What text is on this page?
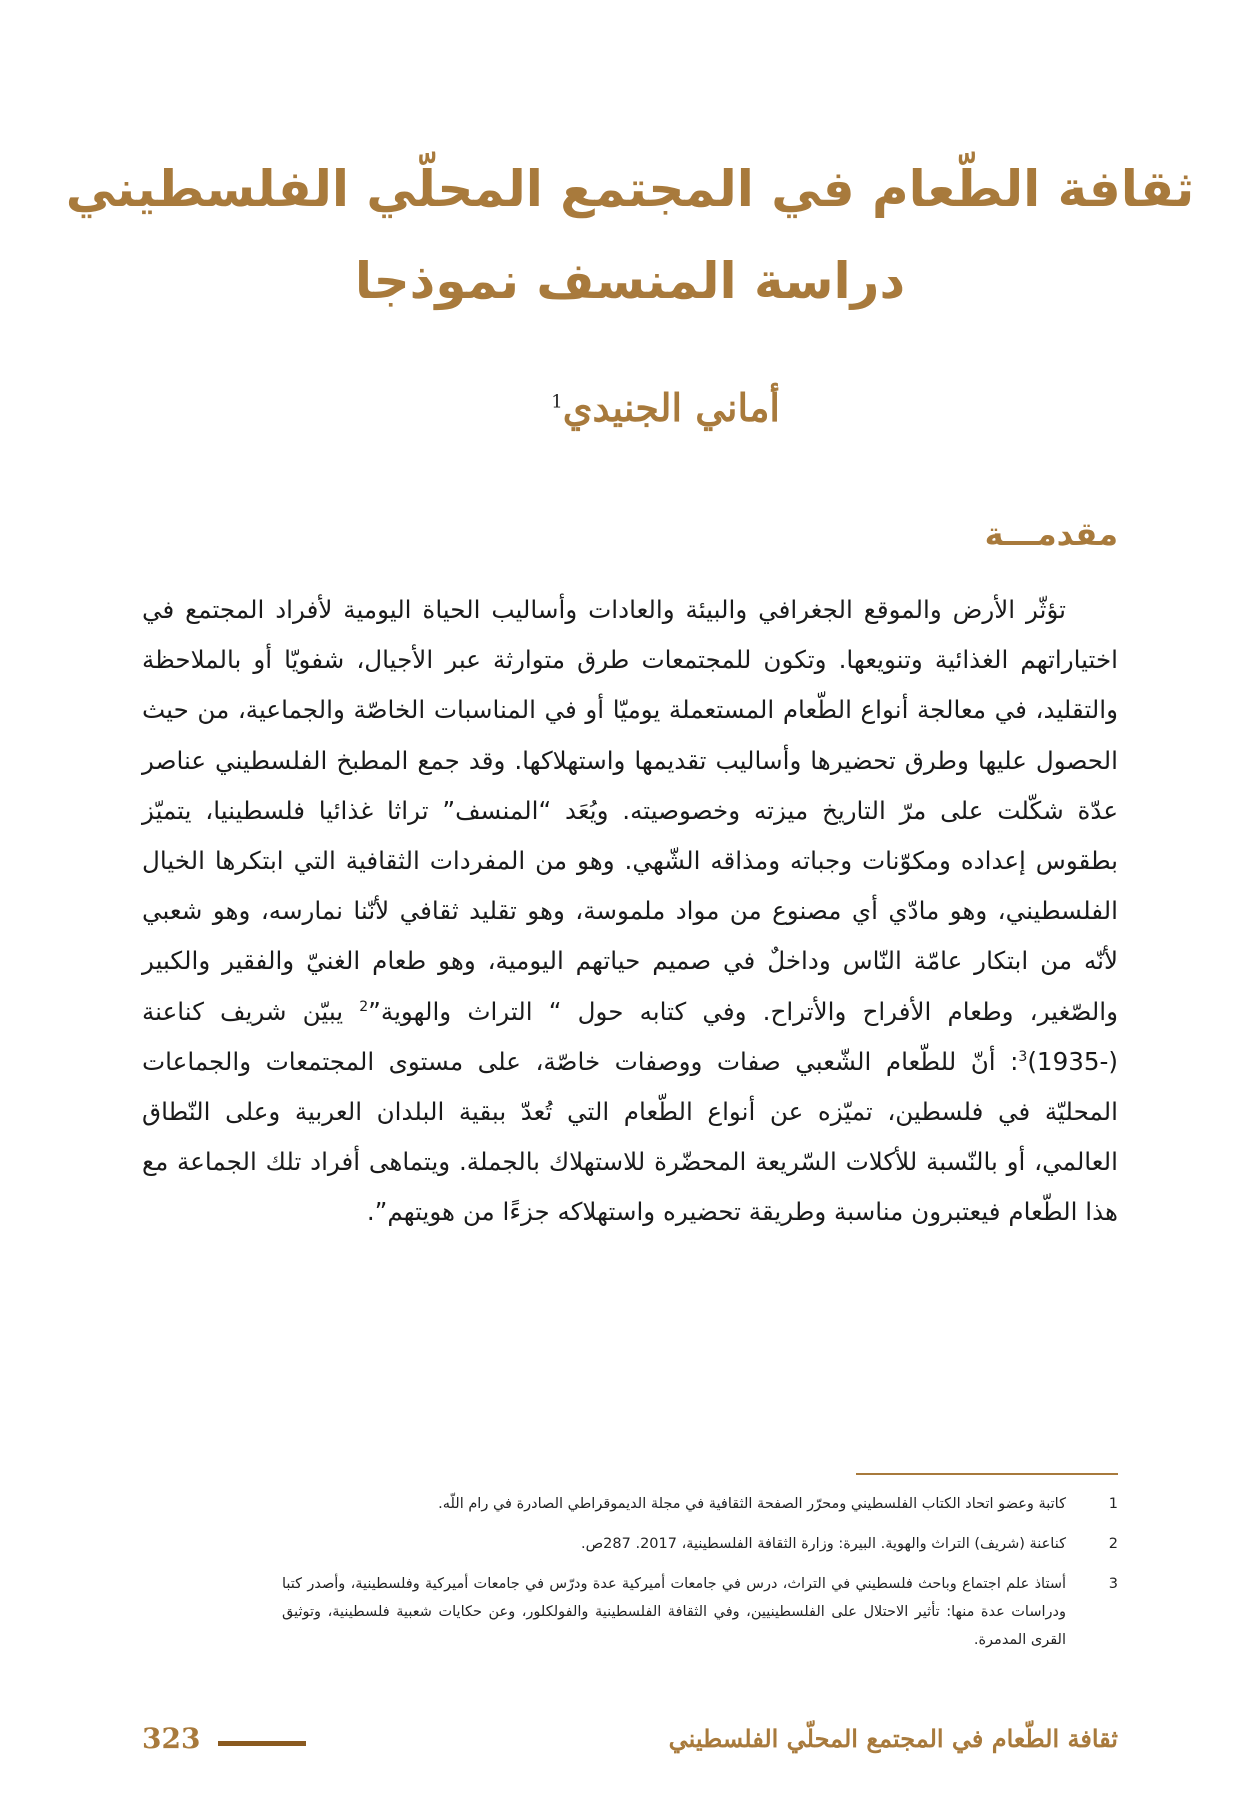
ثقافة الطّعام في المجتمع المحلّي الفلسطيني
دراسة المنسف نموذجا
أماني الجنيدي$^1$
مقدمـــة

تؤثّر الأرض والموقع الجغرافي والبيئة والعادات وأساليب الحياة اليومية لأفراد المجتمع في اختياراتهم الغذائية وتنويعها. وتكون للمجتمعات طرق متوارثة عبر الأجيال، شفويّا أو بالملاحظة والتقليد، في معالجة أنواع الطّعام المستعملة يوميّا أو في المناسبات الخاصّة والجماعية، من حيث الحصول عليها وطرق تحضيرها وأساليب تقديمها واستهلاكها. وقد جمع المطبخ الفلسطيني عناصر عدّة شكّلت على مرّ التاريخ ميزته وخصوصيته. ويُعَد “المنسف” تراثا غذائيا فلسطينيا، يتميّز بطقوس إعداده ومكوّنات وجباته ومذاقه الشّهي. وهو من المفردات الثقافية التي ابتكرها الخيال الفلسطيني، وهو مادّي أي مصنوع من مواد ملموسة، وهو تقليد ثقافي لأنّنا نمارسه، وهو شعبي لأنّه من ابتكار عامّة النّاس وداخلٌ في صميم حياتهم اليومية، وهو طعام الغنيّ والفقير والكبير والصّغير، وطعام الأفراح والأتراح. وفي كتابه حول “ التراث والهوية”$^2$ يبيّن شريف كناعنة $(-1935)^3$: أنّ للطّعام الشّعبي صفات ووصفات خاصّة، على مستوى المجتمعات والجماعات المحليّة في فلسطين، تميّزه عن أنواع الطّعام التي تُعدّ ببقية البلدان العربية وعلى النّطاق العالمي، أو بالنّسبة للأكلات السّريعة المحضّرة للاستهلاك بالجملة. ويتماهى أفراد تلك الجماعة مع هذا الطّعام فيعتبرون مناسبة وطريقة تحضيره واستهلاكه جزءًا من هويتهم”.

1
كاتبة وعضو اتحاد الكتاب الفلسطيني ومحرّر الصفحة الثقافية في مجلة الديموقراطي الصادرة في رام اللّه.
2
كناعنة (شريف) التراث والهوية. البيرة: وزارة الثقافة الفلسطينية، 2017. 287ص.
3
أستاذ علم اجتماع وباحث فلسطيني في التراث، درس في جامعات أميركية عدة ودرّس في جامعات أميركية وفلسطينية، وأصدر كتبا ودراسات عدة منها: تأثير الاحتلال على الفلسطينيين، وفي الثقافة الفلسطينية والفولكلور، وعن حكايات شعبية فلسطينية، وتوثيق القرى المدمرة.
ثقافة الطّعام في المجتمع المحلّي الفلسطيني
323
